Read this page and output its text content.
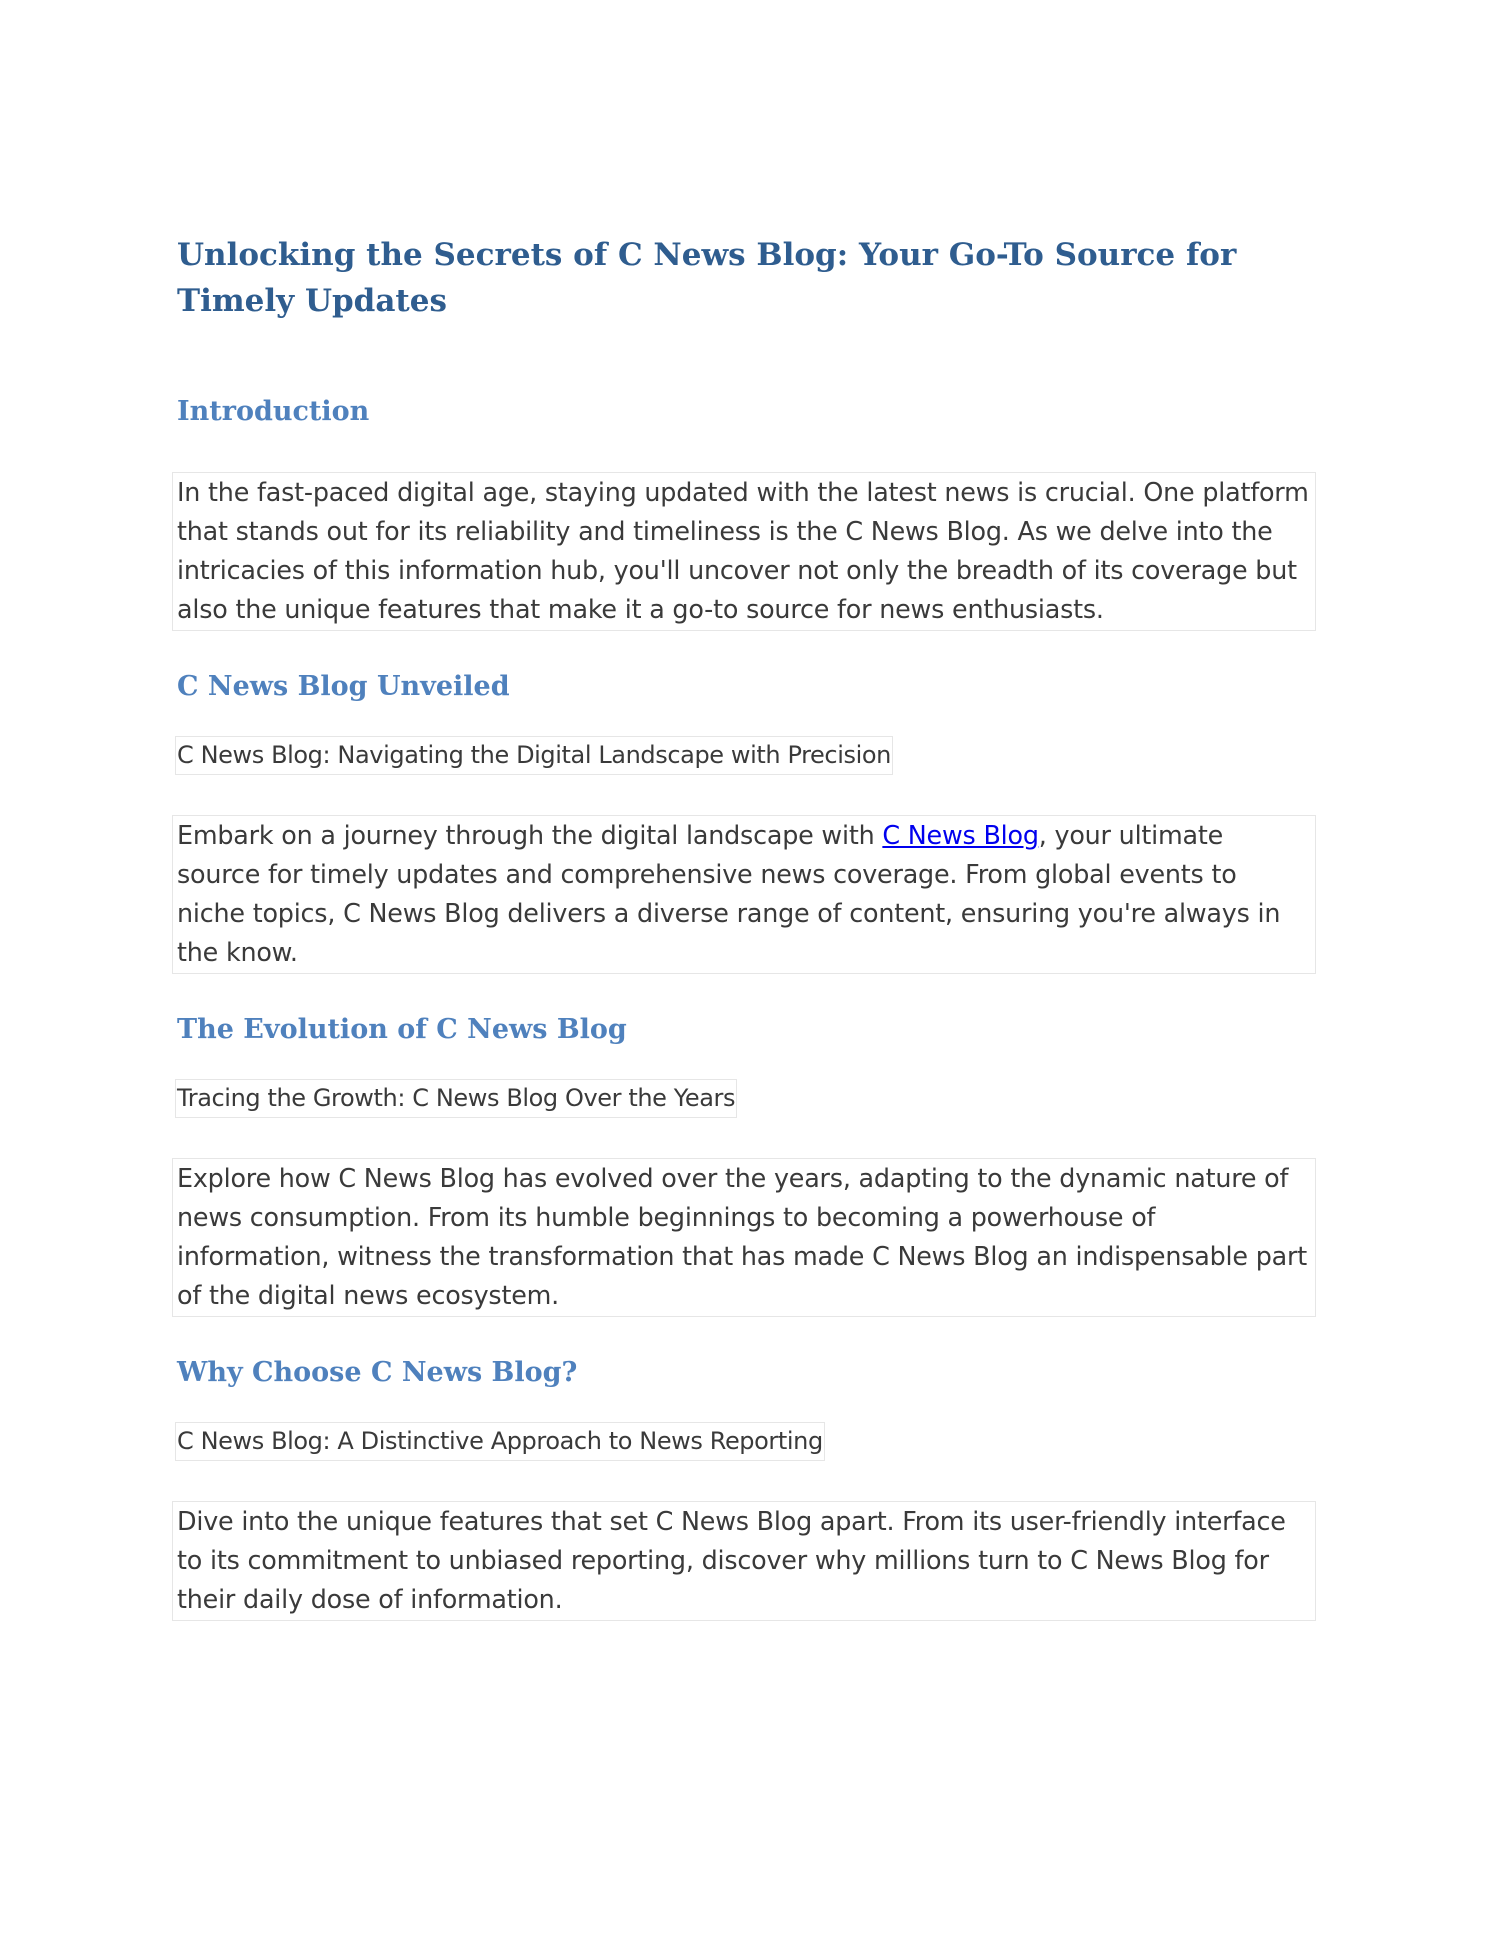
Unlocking the Secrets of C News Blog: Your Go-To Source for Timely Updates
Introduction

In the fast-paced digital age, staying updated with the latest news is crucial. One platform that stands out for its reliability and timeliness is the C News Blog. As we delve into the intricacies of this information hub, you'll uncover not only the breadth of its coverage but also the unique features that make it a go-to source for news enthusiasts.

C News Blog Unveiled

C News Blog: Navigating the Digital Landscape with Precision

Embark on a journey through the digital landscape with C News Blog, your ultimate source for timely updates and comprehensive news coverage. From global events to niche topics, C News Blog delivers a diverse range of content, ensuring you're always in the know.

The Evolution of C News Blog

Tracing the Growth: C News Blog Over the Years

Explore how C News Blog has evolved over the years, adapting to the dynamic nature of news consumption. From its humble beginnings to becoming a powerhouse of information, witness the transformation that has made C News Blog an indispensable part of the digital news ecosystem.

Why Choose C News Blog?

C News Blog: A Distinctive Approach to News Reporting

Dive into the unique features that set C News Blog apart. From its user-friendly interface to its commitment to unbiased reporting, discover why millions turn to C News Blog for their daily dose of information.
